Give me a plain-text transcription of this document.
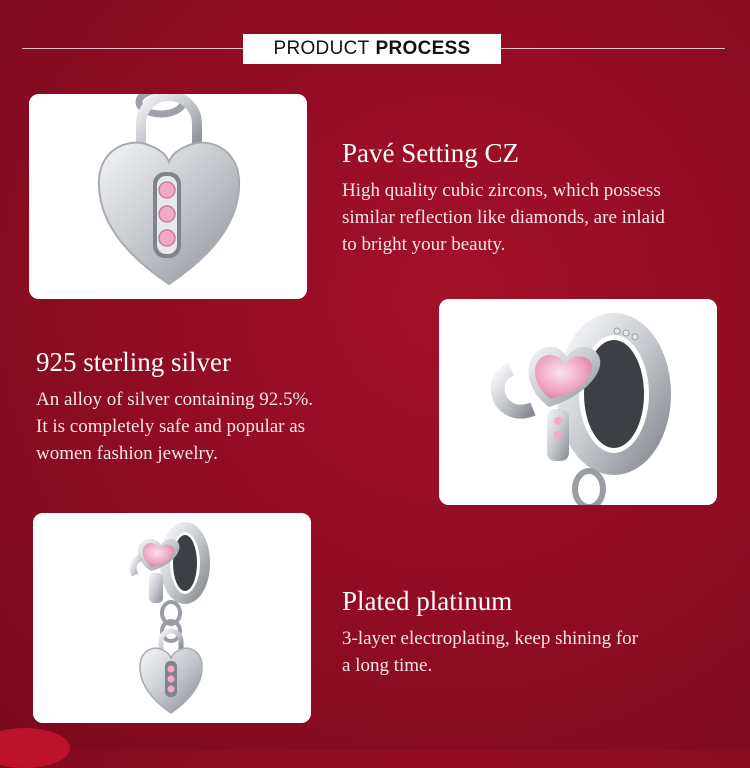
PRODUCT PROCESS
Pavé Setting CZ
High quality cubic zircons, which possess
similar reflection like diamonds, are inlaid
to bright your beauty.
925 sterling silver
An alloy of silver containing 92.5%.
It is completely safe and popular as
women fashion jewelry.
Plated platinum
3-layer electroplating, keep shining for
a long time.
